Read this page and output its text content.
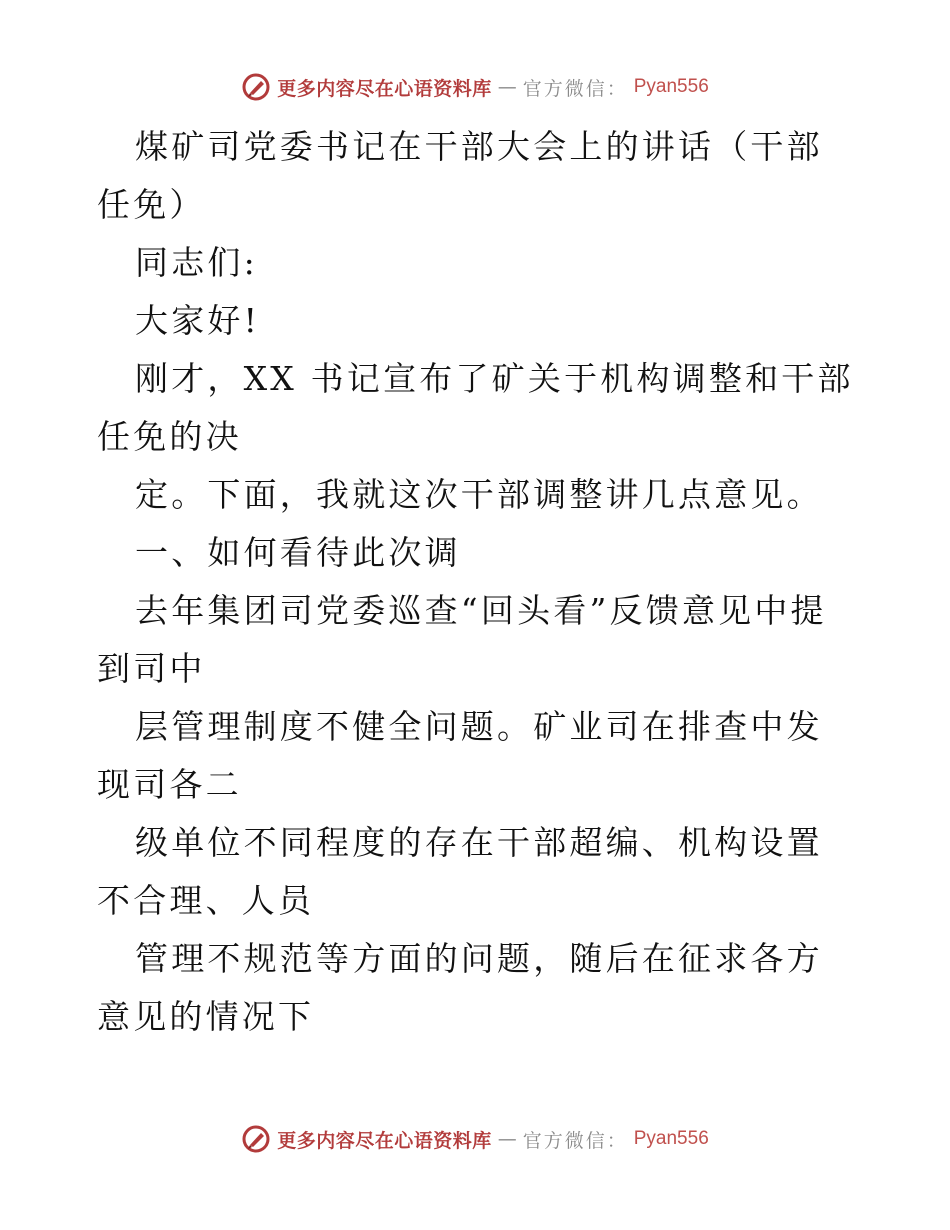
更多内容尽在心语资料库 — 官方微信： Pyan556

煤矿司党委书记在干部大会上的讲话（干部任免）

同志们:

大家好!

刚才，XX 书记宣布了矿关于机构调整和干部任免的决

定。下面，我就这次干部调整讲几点意见。

一、如何看待此次调

去年集团司党委巡查“回头看”反馈意见中提到司中

层管理制度不健全问题。矿业司在排查中发现司各二

级单位不同程度的存在干部超编、机构设置不合理、人员

管理不规范等方面的问题，随后在征求各方意见的情况下

更多内容尽在心语资料库 — 官方微信： Pyan556
